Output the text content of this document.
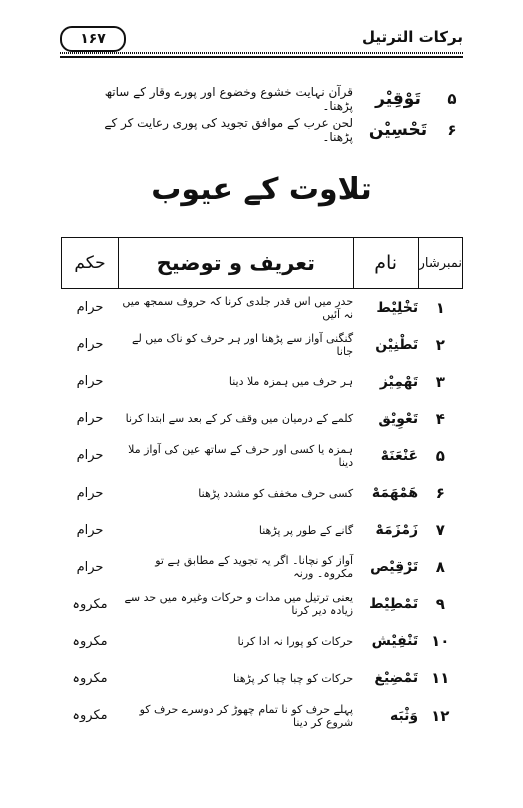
برکات الترتیل
۱۶۷
۵
تَوْقِیْر
قرآن نہایت خشوع وخضوع اور پورے وقار کے ساتھ پڑھنا۔
۶
تَحْسِیْن
لحن عرب کے موافق تجوید کی پوری رعایت کر کے پڑھنا۔
تلاوت کے عیوب
نمبرشار	نام	تعریف و توضیح	حکم
۱	تَخْلِیْط	حدر میں اس قدر جلدی کرنا کہ حروف سمجھ میں نہ آئیں	حرام
۲	تَطْنِیْن	گنگنی آواز سے پڑھنا اور ہر حرف کو ناک میں لے جانا	حرام
۳	تَهْمِیْز	ہر حرف میں ہمزہ ملا دینا	حرام
۴	تَعْوِیْق	کلمے کے درمیان میں وقف کر کے بعد سے ابتدا کرنا	حرام
۵	عَنْعَنَهْ	ہمزہ یا کسی اور حرف کے ساتھ عین کی آواز ملا دینا	حرام
۶	هَمْهَمَهْ	کسی حرف مخفف کو مشدد پڑھنا	حرام
۷	زَمْزَمَهْ	گانے کے طور پر پڑھنا	حرام
۸	تَرْقِیْص	آواز کو نچانا۔ اگر یہ تجوید کے مطابق ہے تو مکروہ۔ ورنہ	حرام
۹	تَمْطِیْط	یعنی ترتیل میں مدات و حرکات وغیرہ میں حد سے زیادہ دیر کرنا	مکروہ
۱۰	تَنْفِیْش	حرکات کو پورا نہ ادا کرنا	مکروہ
۱۱	تَمْضِیْغ	حرکات کو چبا چبا کر پڑھنا	مکروہ
۱۲	وَثْبَه	پہلے حرف کو نا تمام چھوڑ کر دوسرے حرف کو شروع کر دینا	مکروہ
